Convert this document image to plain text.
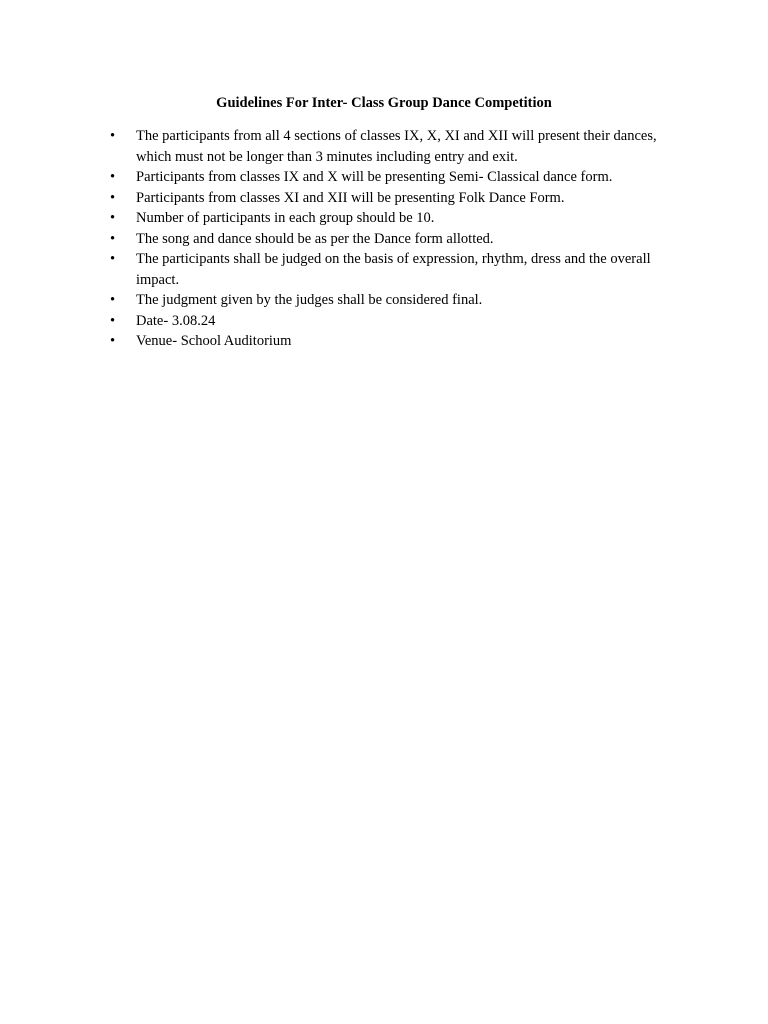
Guidelines For Inter- Class Group Dance Competition
•	The participants from all 4 sections of classes IX, X, XI and XII will present their dances, which must not be longer than 3 minutes including entry and exit.
•	Participants from classes IX and X will be presenting Semi- Classical dance form.
•	Participants from classes XI and XII will be presenting Folk Dance Form.
•	Number of participants in each group should be 10.
•	The song and dance should be as per the Dance form allotted.
•	The participants shall be judged on the basis of expression, rhythm, dress and the overall impact.
•	The judgment given by the judges shall be considered final.
•	Date- 3.08.24
•	Venue- School Auditorium
